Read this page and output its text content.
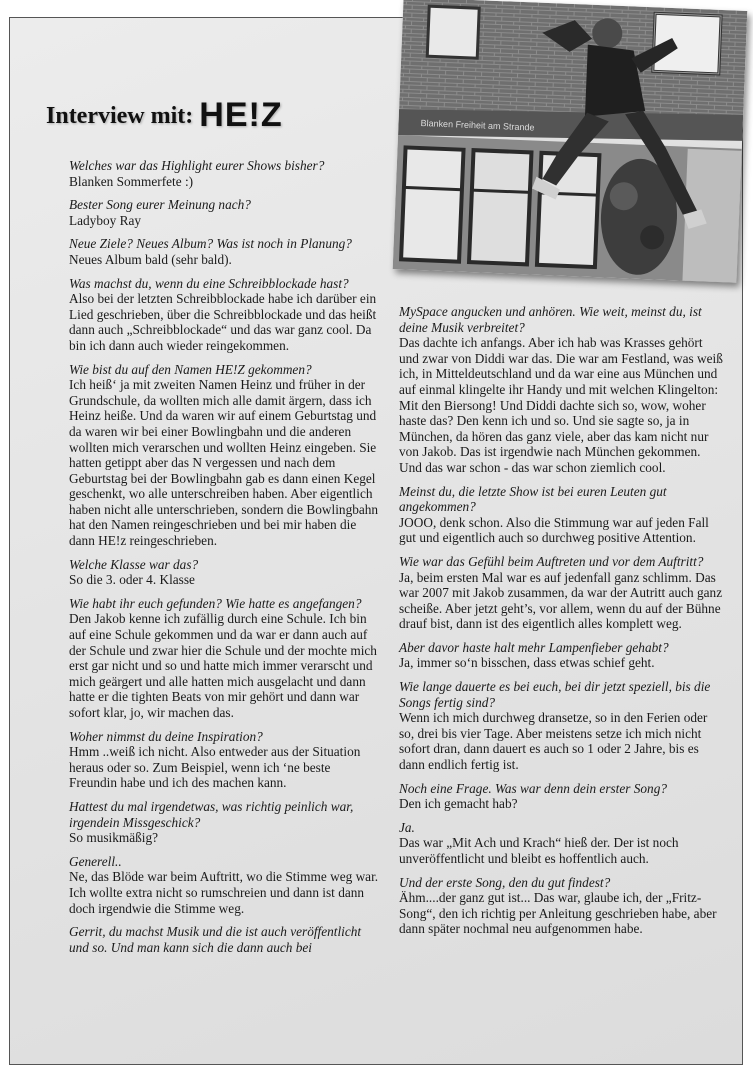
Interview mit: HE!Z
Welches war das Highlight eurer Shows bisher?
Blanken Sommerfete :)
Bester Song eurer Meinung nach?
Ladyboy Ray
Neue Ziele? Neues Album? Was ist noch in Planung?
Neues Album bald (sehr bald).
Was machst du, wenn du eine Schreibblockade hast?
Also bei der letzten Schreibblockade habe ich darüber ein Lied geschrieben, über die Schreibblockade und das heißt dann auch „Schreibblockade“ und das war ganz cool. Da bin ich dann auch wieder reingekommen.
Wie bist du auf den Namen HE!Z gekommen?
Ich heiß‘ ja mit zweiten Namen Heinz und früher in der Grundschule, da wollten mich alle damit ärgern, dass ich Heinz heiße. Und da waren wir auf einem Geburtstag und da waren wir bei einer Bowlingbahn und die anderen wollten mich verarschen und wollten Heinz eingeben. Sie hatten getippt aber das N vergessen und nach dem Geburtstag bei der Bowlingbahn gab es dann einen Kegel geschenkt, wo alle unterschreiben haben. Aber eigentlich haben nicht alle unterschrieben, sondern die Bowlingbahn hat den Namen reingeschrieben und bei mir haben die dann HE!z reingeschrieben.
Welche Klasse war das?
So die 3. oder 4. Klasse
Wie habt ihr euch gefunden? Wie hatte es angefangen?
Den Jakob kenne ich zufällig durch eine Schule. Ich bin auf eine Schule gekommen und da war er dann auch auf der Schule und zwar hier die Schule und der mochte mich erst gar nicht und so und hatte mich immer verarscht und mich geärgert und alle hatten mich ausgelacht und dann hatte er die tighten Beats von mir gehört und dann war sofort klar, jo, wir machen das.
Woher nimmst du deine Inspiration?
Hmm ..weiß ich nicht. Also entweder aus der Situation heraus oder so. Zum Beispiel, wenn ich ‘ne beste Freundin habe und ich des machen kann.
Hattest du mal irgendetwas, was richtig peinlich war, irgendein Missgeschick?
So musikmäßig?
Generell..
Ne, das Blöde war beim Auftritt, wo die Stimme weg war. Ich wollte extra nicht so rumschreien und dann ist dann doch irgendwie die Stimme weg.
Gerrit, du machst Musik und die ist auch veröffentlicht und so. Und man kann sich die dann auch bei
MySpace angucken und anhören. Wie weit, meinst du, ist deine Musik verbreitet?
Das dachte ich anfangs. Aber ich hab was Krasses gehört und zwar von Diddi war das. Die war am Festland, was weiß ich, in Mitteldeutschland und da war eine aus München und auf einmal klingelte ihr Handy und mit welchen Klingelton: Mit den Biersong! Und Diddi dachte sich so, wow, woher haste das? Den kenn ich und so. Und sie sagte so, ja in München, da hören das ganz viele, aber das kam nicht nur von Jakob. Das ist irgendwie nach München gekommen. Und das war schon - das war schon ziemlich cool.
Meinst du, die letzte Show ist bei euren Leuten gut angekommen?
JOOO, denk schon. Also die Stimmung war auf jeden Fall gut und eigentlich auch so durchweg positive Attention.
Wie war das Gefühl beim Auftreten und vor dem Auftritt?
Ja, beim ersten Mal war es auf jedenfall ganz schlimm. Das war 2007 mit Jakob zusammen, da war der Autritt auch ganz scheiße. Aber jetzt geht’s, vor allem, wenn du auf der Bühne drauf bist, dann ist des eigentlich alles komplett weg.
Aber davor haste halt mehr Lampenfieber gehabt?
Ja, immer so‘n bisschen, dass etwas schief geht.
Wie lange dauerte es bei euch, bei dir jetzt speziell, bis die Songs fertig sind?
Wenn ich mich durchweg dransetze, so in den Ferien oder so, drei bis vier Tage. Aber meistens setze ich mich nicht sofort dran, dann dauert es auch so 1 oder 2 Jahre, bis es dann endlich fertig ist.
Noch eine Frage. Was war denn dein erster Song?
Den ich gemacht hab?
Ja.
Das war „Mit Ach und Krach“ hieß der. Der ist noch unveröffentlicht und bleibt es hoffentlich auch.
Und der erste Song, den du gut findest?
Ähm....der ganz gut ist... Das war, glaube ich, der „Fritz-Song“, den ich richtig per Anleitung geschrieben habe, aber dann später nochmal neu aufgenommen habe.
Blanken Freiheit am Strande
